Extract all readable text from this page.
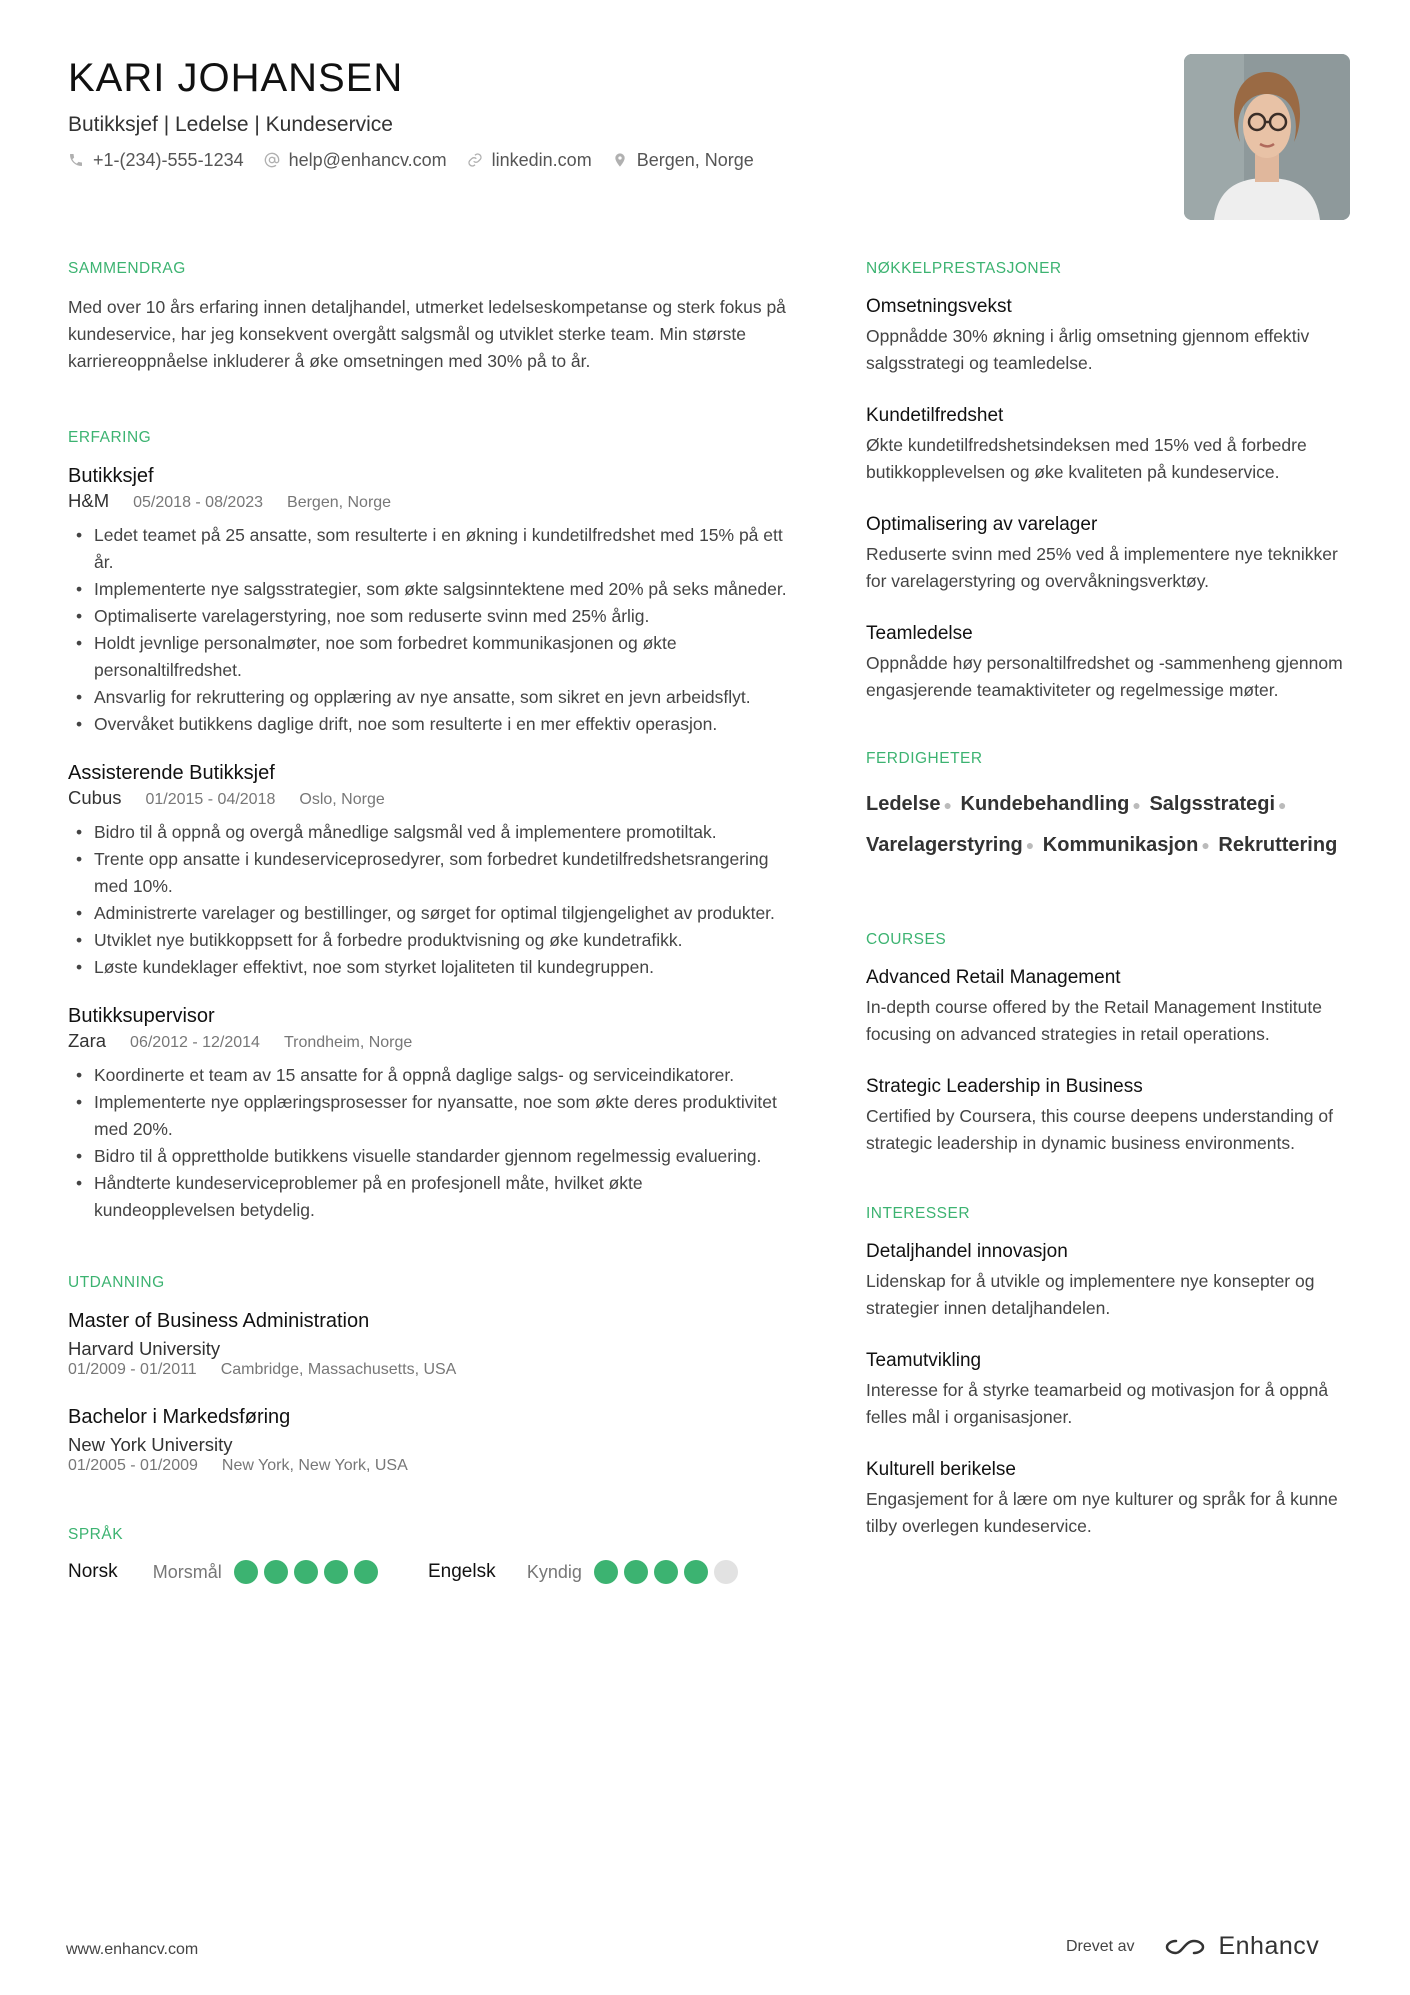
KARI JOHANSEN
Butikksjef | Ledelse | Kundeservice
+1-(234)-555-1234	help@enhancv.com	linkedin.com	Bergen, Norge
SAMMENDRAG
Med over 10 års erfaring innen detaljhandel, utmerket ledelseskompetanse og sterk fokus på kundeservice, har jeg konsekvent overgått salgsmål og utviklet sterke team. Min største karriereoppnåelse inkluderer å øke omsetningen med 30% på to år.
ERFARING
Butikksjef
H&M 05/2018 - 08/2023 Bergen, Norge
• Ledet teamet på 25 ansatte, som resulterte i en økning i kundetilfredshet med 15% på ett år.
• Implementerte nye salgsstrategier, som økte salgsinntektene med 20% på seks måneder.
• Optimaliserte varelagerstyring, noe som reduserte svinn med 25% årlig.
• Holdt jevnlige personalmøter, noe som forbedret kommunikasjonen og økte personaltilfredshet.
• Ansvarlig for rekruttering og opplæring av nye ansatte, som sikret en jevn arbeidsflyt.
• Overvåket butikkens daglige drift, noe som resulterte i en mer effektiv operasjon.
Assisterende Butikksjef
Cubus 01/2015 - 04/2018 Oslo, Norge
• Bidro til å oppnå og overgå månedlige salgsmål ved å implementere promotiltak.
• Trente opp ansatte i kundeserviceprosedyrer, som forbedret kundetilfredshetsrangering med 10%.
• Administrerte varelager og bestillinger, og sørget for optimal tilgjengelighet av produkter.
• Utviklet nye butikkoppsett for å forbedre produktvisning og øke kundetrafikk.
• Løste kundeklager effektivt, noe som styrket lojaliteten til kundegruppen.
Butikksupervisor
Zara 06/2012 - 12/2014 Trondheim, Norge
• Koordinerte et team av 15 ansatte for å oppnå daglige salgs- og serviceindikatorer.
• Implementerte nye opplæringsprosesser for nyansatte, noe som økte deres produktivitet med 20%.
• Bidro til å opprettholde butikkens visuelle standarder gjennom regelmessig evaluering.
• Håndterte kundeserviceproblemer på en profesjonell måte, hvilket økte kundeopplevelsen betydelig.
UTDANNING
Master of Business Administration
Harvard University
01/2009 - 01/2011 Cambridge, Massachusetts, USA
Bachelor i Markedsføring
New York University
01/2005 - 01/2009 New York, New York, USA
SPRÅK
Norsk	Morsmål	Engelsk	Kyndig
NØKKELPRESTASJONER
Omsetningsvekst
Oppnådde 30% økning i årlig omsetning gjennom effektiv salgsstrategi og teamledelse.
Kundetilfredshet
Økte kundetilfredshetsindeksen med 15% ved å forbedre butikkopplevelsen og øke kvaliteten på kundeservice.
Optimalisering av varelager
Reduserte svinn med 25% ved å implementere nye teknikker for varelagerstyring og overvåkningsverktøy.
Teamledelse
Oppnådde høy personaltilfredshet og -sammenheng gjennom engasjerende teamaktiviteter og regelmessige møter.
FERDIGHETER
Ledelse ● Kundebehandling ● Salgsstrategi ●
Varelagerstyring ● Kommunikasjon ● Rekruttering
COURSES
Advanced Retail Management
In-depth course offered by the Retail Management Institute focusing on advanced strategies in retail operations.
Strategic Leadership in Business
Certified by Coursera, this course deepens understanding of strategic leadership in dynamic business environments.
INTERESSER
Detaljhandel innovasjon
Lidenskap for å utvikle og implementere nye konsepter og strategier innen detaljhandelen.
Teamutvikling
Interesse for å styrke teamarbeid og motivasjon for å oppnå felles mål i organisasjoner.
Kulturell berikelse
Engasjement for å lære om nye kulturer og språk for å kunne tilby overlegen kundeservice.
www.enhancv.com	Drevet av	Enhancv
